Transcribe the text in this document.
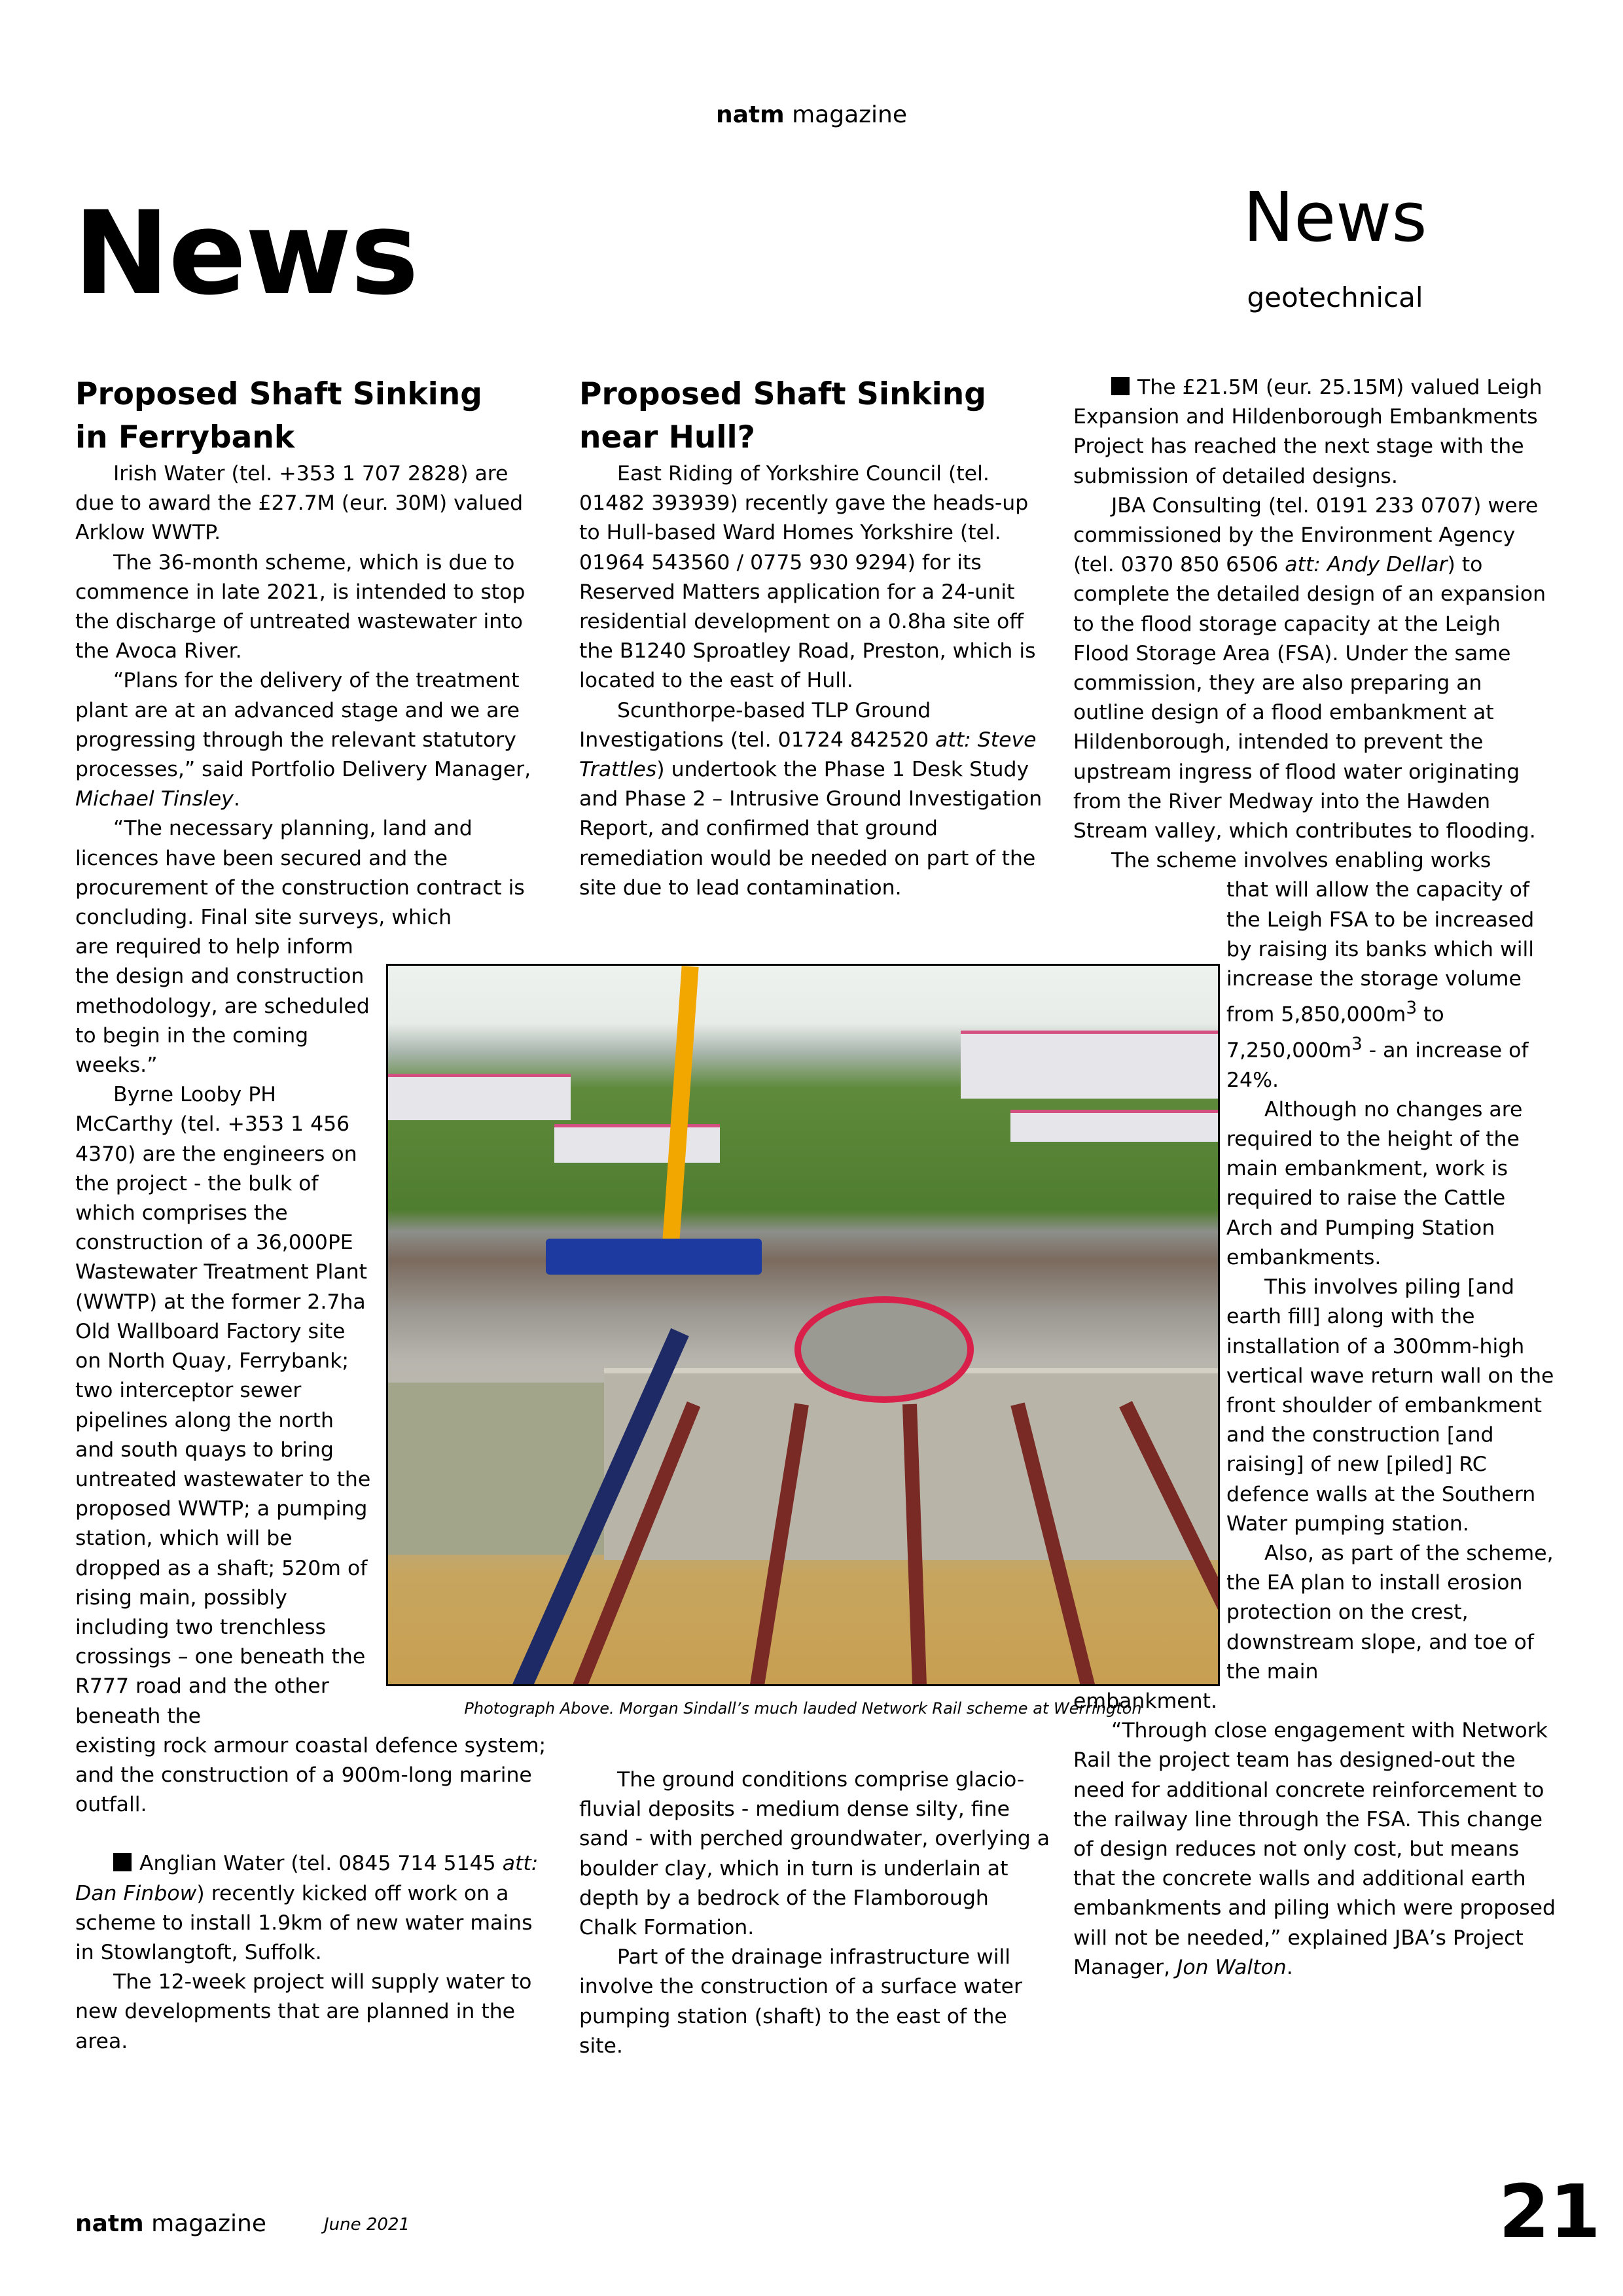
natm magazine
News	News
geotechnical
Proposed Shaft Sinking
in Ferrybank

Irish Water (tel. +353 1 707 2828) are due to award the £27.7M (eur. 30M) valued Arklow WWTP.

The 36-month scheme, which is due to commence in late 2021, is intended to stop the discharge of untreated wastewater into the Avoca River.

“Plans for the delivery of the treatment plant are at an advanced stage and we are progressing through the relevant statutory processes,” said Portfolio Delivery Manager, Michael Tinsley.

“The necessary planning, land and licences have been secured and the procurement of the construction contract is concluding. Final site surveys, which

are required to help inform the design and construction methodology, are scheduled to begin in the coming weeks.”

Byrne Looby PH McCarthy (tel. +353 1 456 4370) are the engineers on the project - the bulk of which comprises the construction of a 36,000PE Wastewater Treatment Plant (WWTP) at the former 2.7ha Old Wallboard Factory site on North Quay, Ferrybank; two interceptor sewer pipelines along the north and south quays to bring untreated wastewater to the proposed WWTP; a pumping station, which will be dropped as a shaft; 520m of rising main, possibly including two trenchless crossings – one beneath the R777 road and the other beneath the

existing rock armour coastal defence system; and the construction of a 900m-long marine outfall.

Anglian Water (tel. 0845 714 5145 att: Dan Finbow) recently kicked off work on a scheme to install 1.9km of new water mains in Stowlangtoft, Suffolk.

The 12-week project will supply water to new developments that are planned in the area.

Proposed Shaft Sinking
near Hull?

East Riding of Yorkshire Council (tel. 01482 393939) recently gave the heads-up to Hull-based Ward Homes Yorkshire (tel. 01964 543560 / 0775 930 9294) for its Reserved Matters application for a 24-unit residential development on a 0.8ha site off the B1240 Sproatley Road, Preston, which is located to the east of Hull.

Scunthorpe-based TLP Ground Investigations (tel. 01724 842520 att: Steve Trattles) undertook the Phase 1 Desk Study and Phase 2 – Intrusive Ground Investigation Report, and confirmed that ground remediation would be needed on part of the site due to lead contamination.

Photograph Above. Morgan Sindall’s much lauded Network Rail scheme at Werrington

The ground conditions comprise glacio-fluvial deposits - medium dense silty, fine sand - with perched groundwater, overlying a boulder clay, which in turn is underlain at depth by a bedrock of the Flamborough Chalk Formation.

Part of the drainage infrastructure will involve the construction of a surface water pumping station (shaft) to the east of the site.

The £21.5M (eur. 25.15M) valued Leigh Expansion and Hildenborough Embankments Project has reached the next stage with the submission of detailed designs.

JBA Consulting (tel. 0191 233 0707) were commissioned by the Environment Agency (tel. 0370 850 6506 att: Andy Dellar) to complete the detailed design of an expansion to the flood storage capacity at the Leigh Flood Storage Area (FSA). Under the same commission, they are also preparing an outline design of a flood embankment at Hildenborough, intended to prevent the upstream ingress of flood water originating from the River Medway into the Hawden Stream valley, which contributes to flooding.

The scheme involves enabling works

that will allow the capacity of the Leigh FSA to be increased by raising its banks which will increase the storage volume from $5,850,000m^3$ to $7,250,000m^3$ - an increase of 24%.

Although no changes are required to the height of the main embankment, work is required to raise the Cattle Arch and Pumping Station embankments.

This involves piling [and earth fill] along with the installation of a 300mm-high vertical wave return wall on the front shoulder of embankment and the construction [and raising] of new [piled] RC defence walls at the Southern Water pumping station.

Also, as part of the scheme, the EA plan to install erosion protection on the crest, downstream slope, and toe of the main

embankment.

“Through close engagement with Network Rail the project team has designed-out the need for additional concrete reinforcement to the railway line through the FSA. This change of design reduces not only cost, but means that the concrete walls and additional earth embankments and piling which were proposed will not be needed,” explained JBA’s Project Manager, Jon Walton.

natm magazine	June 2021	21
